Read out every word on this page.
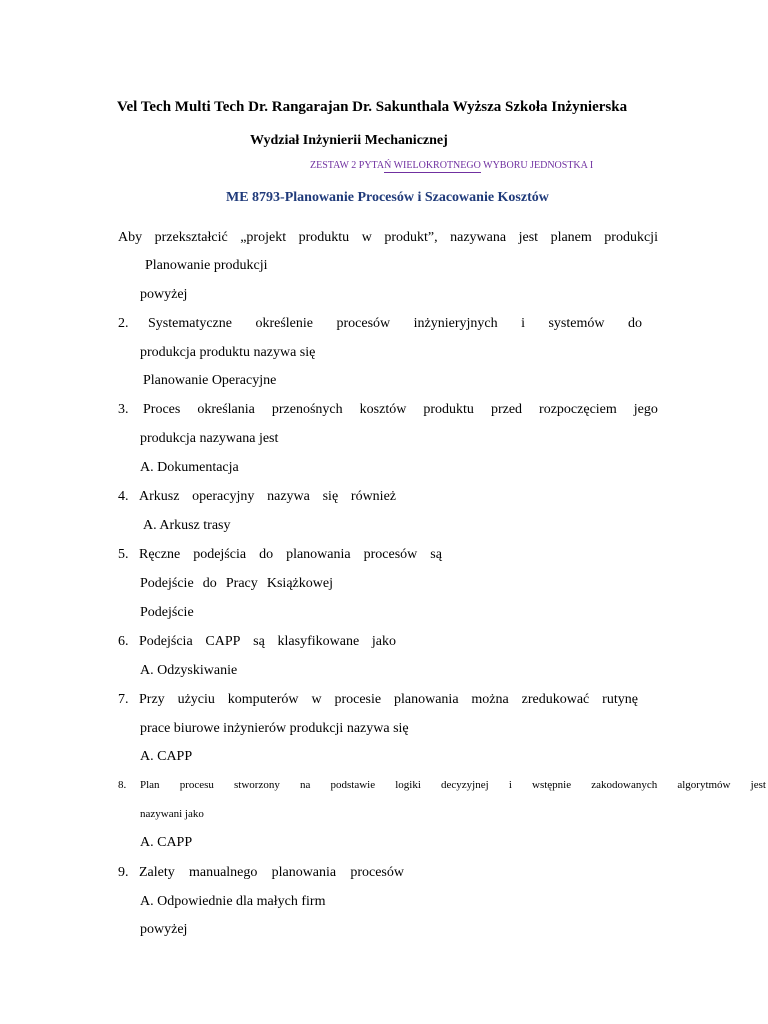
Vel Tech Multi Tech Dr. Rangarajan Dr. Sakunthala Wyższa Szkoła Inżynierska
Wydział Inżynierii Mechanicznej
ZESTAW 2 PYTAŃ WIELOKROTNEGO WYBORU JEDNOSTKA I
ME 8793-Planowanie Procesów i Szacowanie Kosztów
Aby przekształcić „projekt produktu w produkt”, nazywana jest planem produkcji
Planowanie produkcji
powyżej
2. Systematyczne określenie procesów inżynieryjnych i systemów do
produkcja produktu nazywa się
Planowanie Operacyjne
3. Proces określania przenośnych kosztów produktu przed rozpoczęciem jego
produkcja nazywana jest
A. Dokumentacja
4. Arkusz operacyjny nazywa się również
A. Arkusz trasy
5. Ręczne podejścia do planowania procesów są
Podejście do Pracy Książkowej
Podejście
6. Podejścia CAPP są klasyfikowane jako
A. Odzyskiwanie
7. Przy użyciu komputerów w procesie planowania można zredukować rutynę
prace biurowe inżynierów produkcji nazywa się
A. CAPP
8. Plan procesu stworzony na podstawie logiki decyzyjnej i wstępnie zakodowanych algorytmów jest
nazywani jako
A. CAPP
9. Zalety manualnego planowania procesów
A. Odpowiednie dla małych firm
powyżej
